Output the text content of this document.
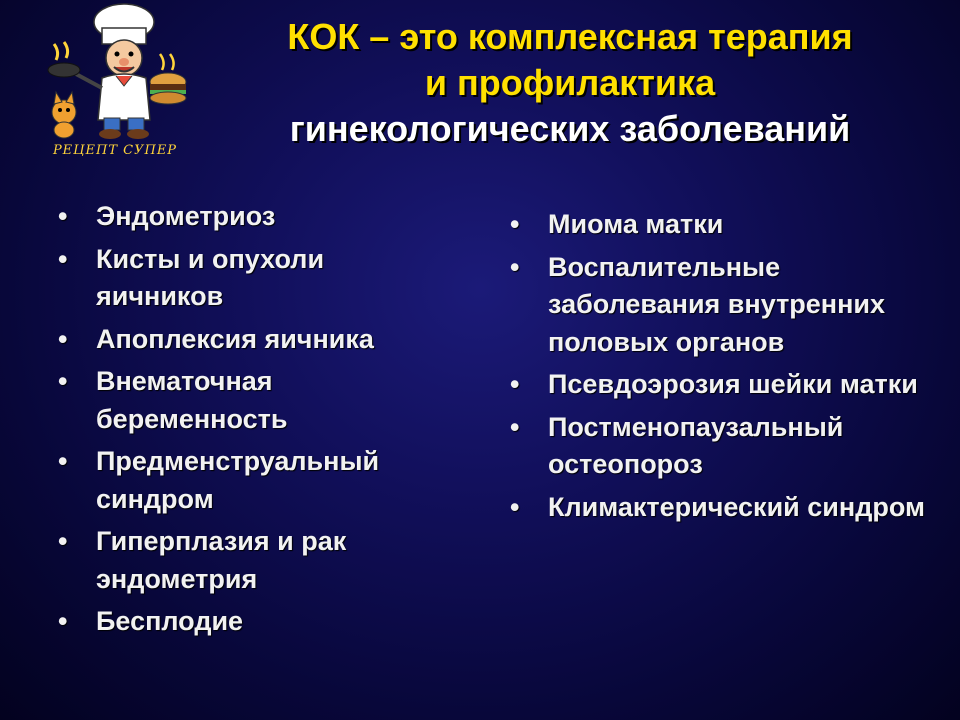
РЕЦЕПТ СУПЕР
КОК – это комплексная терапия
и профилактика
гинекологических заболеваний
• Эндометриоз
• Кисты и опухоли яичников
• Апоплексия яичника
• Внематочная беременность
• Предменструальный синдром
• Гиперплазия и рак эндометрия
• Бесплодие
• Миома матки
• Воспалительные заболевания внутренних половых органов
• Псевдоэрозия шейки матки
• Постменопаузальный остеопороз
• Климактерический синдром
